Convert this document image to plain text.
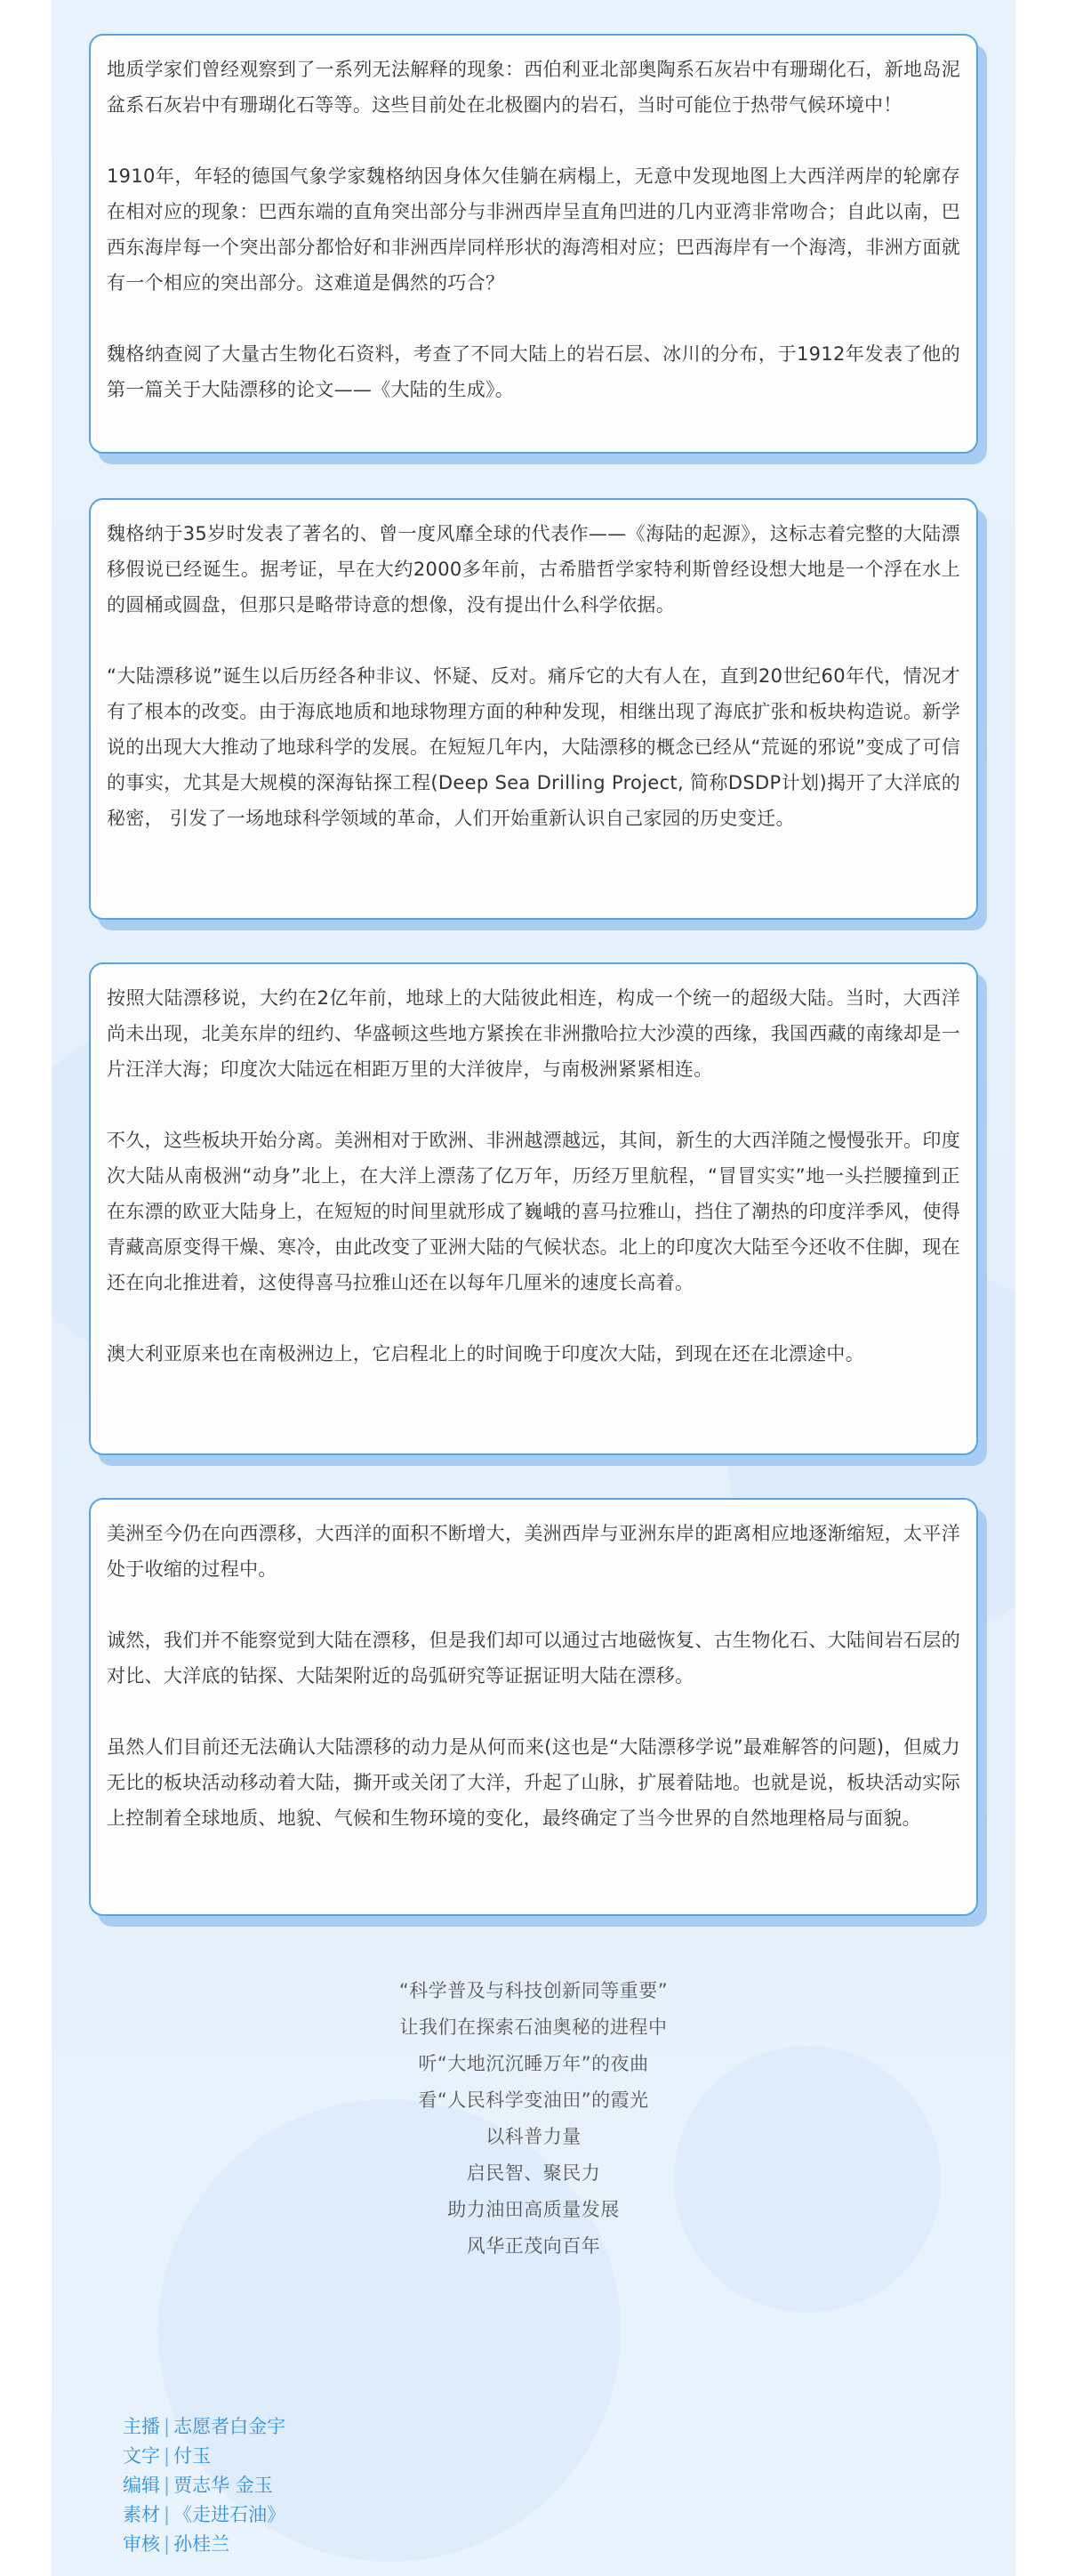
地质学家们曾经观察到了一系列无法解释的现象：西伯利亚北部奥陶系石灰岩中有珊瑚化石，新地岛泥盆系石灰岩中有珊瑚化石等等。这些目前处在北极圈内的岩石，当时可能位于热带气候环境中！

1910年，年轻的德国气象学家魏格纳因身体欠佳躺在病榻上，无意中发现地图上大西洋两岸的轮廓存在相对应的现象：巴西东端的直角突出部分与非洲西岸呈直角凹进的几内亚湾非常吻合；自此以南，巴西东海岸每一个突出部分都恰好和非洲西岸同样形状的海湾相对应；巴西海岸有一个海湾，非洲方面就有一个相应的突出部分。这难道是偶然的巧合？

魏格纳查阅了大量古生物化石资料，考查了不同大陆上的岩石层、冰川的分布，于1912年发表了他的第一篇关于大陆漂移的论文——《大陆的生成》。

魏格纳于35岁时发表了著名的、曾一度风靡全球的代表作——《海陆的起源》，这标志着完整的大陆漂移假说已经诞生。据考证，早在大约2000多年前，古希腊哲学家特利斯曾经设想大地是一个浮在水上的圆桶或圆盘，但那只是略带诗意的想像，没有提出什么科学依据。

“大陆漂移说”诞生以后历经各种非议、怀疑、反对。痛斥它的大有人在，直到20世纪60年代，情况才有了根本的改变。由于海底地质和地球物理方面的种种发现，相继出现了海底扩张和板块构造说。新学说的出现大大推动了地球科学的发展。在短短几年内，大陆漂移的概念已经从“荒诞的邪说”变成了可信的事实，尤其是大规模的深海钻探工程(Deep Sea Drilling Project, 简称DSDP计划)揭开了大洋底的秘密， 引发了一场地球科学领域的革命，人们开始重新认识自己家园的历史变迁。

按照大陆漂移说，大约在2亿年前，地球上的大陆彼此相连，构成一个统一的超级大陆。当时，大西洋尚未出现，北美东岸的纽约、华盛顿这些地方紧挨在非洲撒哈拉大沙漠的西缘，我国西藏的南缘却是一片汪洋大海；印度次大陆远在相距万里的大洋彼岸，与南极洲紧紧相连。

不久，这些板块开始分离。美洲相对于欧洲、非洲越漂越远，其间，新生的大西洋随之慢慢张开。印度次大陆从南极洲“动身”北上，在大洋上漂荡了亿万年，历经万里航程，“冒冒实实”地一头拦腰撞到正在东漂的欧亚大陆身上，在短短的时间里就形成了巍峨的喜马拉雅山，挡住了潮热的印度洋季风，使得青藏高原变得干燥、寒冷，由此改变了亚洲大陆的气候状态。北上的印度次大陆至今还收不住脚，现在还在向北推进着，这使得喜马拉雅山还在以每年几厘米的速度长高着。

澳大利亚原来也在南极洲边上，它启程北上的时间晚于印度次大陆，到现在还在北漂途中。

美洲至今仍在向西漂移，大西洋的面积不断增大，美洲西岸与亚洲东岸的距离相应地逐渐缩短，太平洋处于收缩的过程中。

诚然，我们并不能察觉到大陆在漂移，但是我们却可以通过古地磁恢复、古生物化石、大陆间岩石层的对比、大洋底的钻探、大陆架附近的岛弧研究等证据证明大陆在漂移。

虽然人们目前还无法确认大陆漂移的动力是从何而来(这也是“大陆漂移学说”最难解答的问题)，但威力无比的板块活动移动着大陆，撕开或关闭了大洋，升起了山脉，扩展着陆地。也就是说，板块活动实际上控制着全球地质、地貌、气候和生物环境的变化，最终确定了当今世界的自然地理格局与面貌。

“科学普及与科技创新同等重要”
让我们在探索石油奥秘的进程中
听“大地沉沉睡万年”的夜曲
看“人民科学变油田”的霞光
以科普力量
启民智、聚民力
助力油田高质量发展
风华正茂向百年
主播 | 志愿者白金宇
文字 | 付玉
编辑 | 贾志华 金玉
素材 | 《走进石油》
审核 | 孙桂兰
